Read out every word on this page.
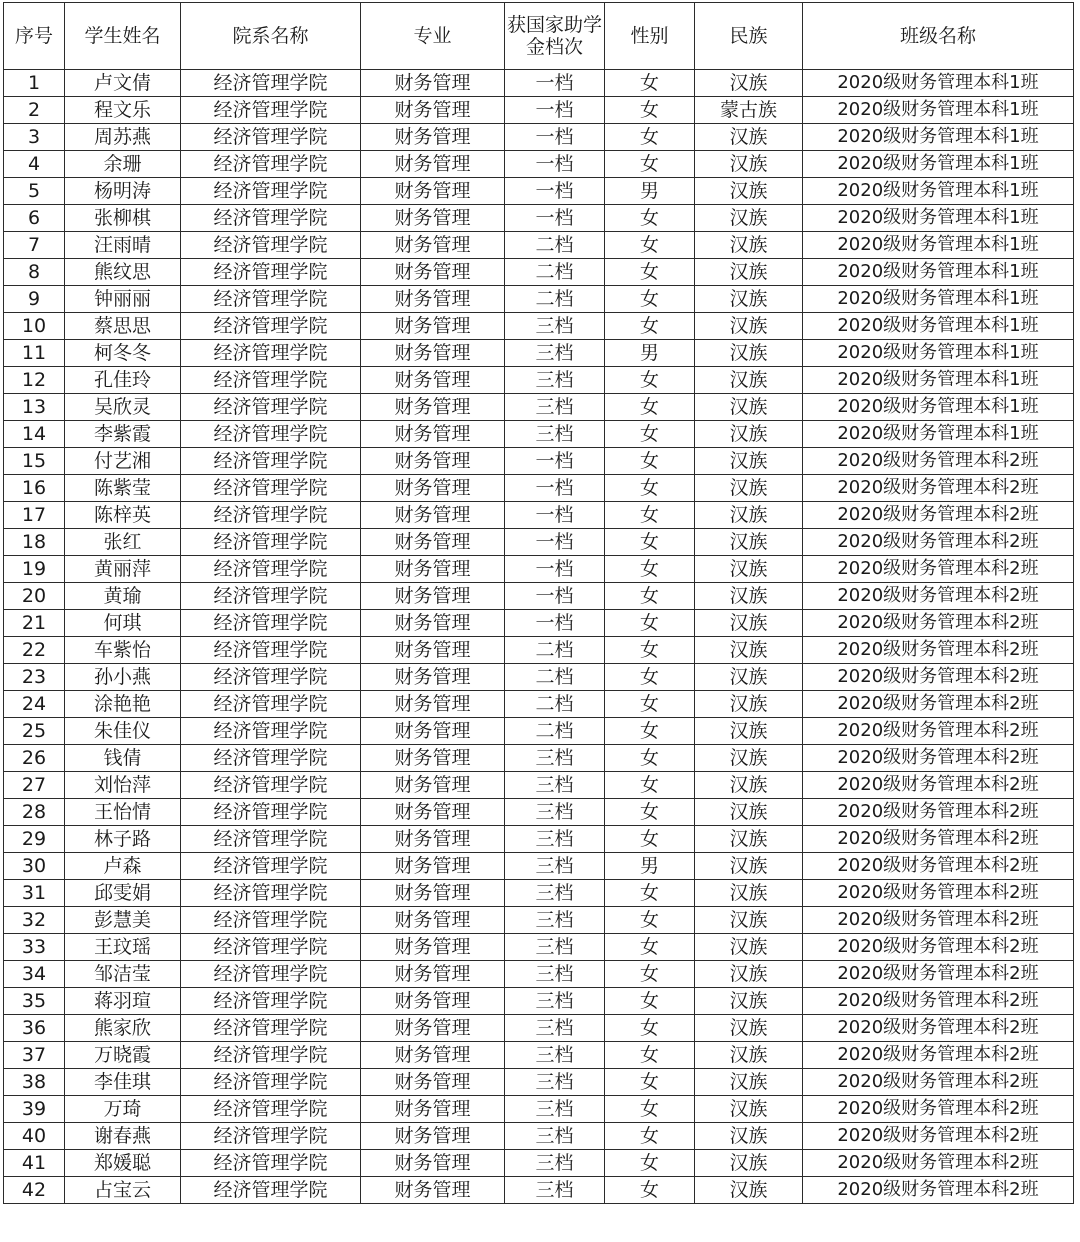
序号	学生姓名	院系名称	专业	获国家助学金档次	性别	民族	班级名称
1	卢文倩	经济管理学院	财务管理	一档	女	汉族	2020级财务管理本科1班
2	程文乐	经济管理学院	财务管理	一档	女	蒙古族	2020级财务管理本科1班
3	周苏燕	经济管理学院	财务管理	一档	女	汉族	2020级财务管理本科1班
4	余珊	经济管理学院	财务管理	一档	女	汉族	2020级财务管理本科1班
5	杨明涛	经济管理学院	财务管理	一档	男	汉族	2020级财务管理本科1班
6	张柳棋	经济管理学院	财务管理	一档	女	汉族	2020级财务管理本科1班
7	汪雨晴	经济管理学院	财务管理	二档	女	汉族	2020级财务管理本科1班
8	熊纹思	经济管理学院	财务管理	二档	女	汉族	2020级财务管理本科1班
9	钟丽丽	经济管理学院	财务管理	二档	女	汉族	2020级财务管理本科1班
10	蔡思思	经济管理学院	财务管理	三档	女	汉族	2020级财务管理本科1班
11	柯冬冬	经济管理学院	财务管理	三档	男	汉族	2020级财务管理本科1班
12	孔佳玲	经济管理学院	财务管理	三档	女	汉族	2020级财务管理本科1班
13	吴欣灵	经济管理学院	财务管理	三档	女	汉族	2020级财务管理本科1班
14	李紫霞	经济管理学院	财务管理	三档	女	汉族	2020级财务管理本科1班
15	付艺湘	经济管理学院	财务管理	一档	女	汉族	2020级财务管理本科2班
16	陈紫莹	经济管理学院	财务管理	一档	女	汉族	2020级财务管理本科2班
17	陈梓英	经济管理学院	财务管理	一档	女	汉族	2020级财务管理本科2班
18	张红	经济管理学院	财务管理	一档	女	汉族	2020级财务管理本科2班
19	黄丽萍	经济管理学院	财务管理	一档	女	汉族	2020级财务管理本科2班
20	黄瑜	经济管理学院	财务管理	一档	女	汉族	2020级财务管理本科2班
21	何琪	经济管理学院	财务管理	一档	女	汉族	2020级财务管理本科2班
22	车紫怡	经济管理学院	财务管理	二档	女	汉族	2020级财务管理本科2班
23	孙小燕	经济管理学院	财务管理	二档	女	汉族	2020级财务管理本科2班
24	涂艳艳	经济管理学院	财务管理	二档	女	汉族	2020级财务管理本科2班
25	朱佳仪	经济管理学院	财务管理	二档	女	汉族	2020级财务管理本科2班
26	钱倩	经济管理学院	财务管理	三档	女	汉族	2020级财务管理本科2班
27	刘怡萍	经济管理学院	财务管理	三档	女	汉族	2020级财务管理本科2班
28	王怡情	经济管理学院	财务管理	三档	女	汉族	2020级财务管理本科2班
29	林子路	经济管理学院	财务管理	三档	女	汉族	2020级财务管理本科2班
30	卢森	经济管理学院	财务管理	三档	男	汉族	2020级财务管理本科2班
31	邱雯娟	经济管理学院	财务管理	三档	女	汉族	2020级财务管理本科2班
32	彭慧美	经济管理学院	财务管理	三档	女	汉族	2020级财务管理本科2班
33	王玟瑶	经济管理学院	财务管理	三档	女	汉族	2020级财务管理本科2班
34	邹洁莹	经济管理学院	财务管理	三档	女	汉族	2020级财务管理本科2班
35	蒋羽瑄	经济管理学院	财务管理	三档	女	汉族	2020级财务管理本科2班
36	熊家欣	经济管理学院	财务管理	三档	女	汉族	2020级财务管理本科2班
37	万晓霞	经济管理学院	财务管理	三档	女	汉族	2020级财务管理本科2班
38	李佳琪	经济管理学院	财务管理	三档	女	汉族	2020级财务管理本科2班
39	万琦	经济管理学院	财务管理	三档	女	汉族	2020级财务管理本科2班
40	谢春燕	经济管理学院	财务管理	三档	女	汉族	2020级财务管理本科2班
41	郑媛聪	经济管理学院	财务管理	三档	女	汉族	2020级财务管理本科2班
42	占宝云	经济管理学院	财务管理	三档	女	汉族	2020级财务管理本科2班
